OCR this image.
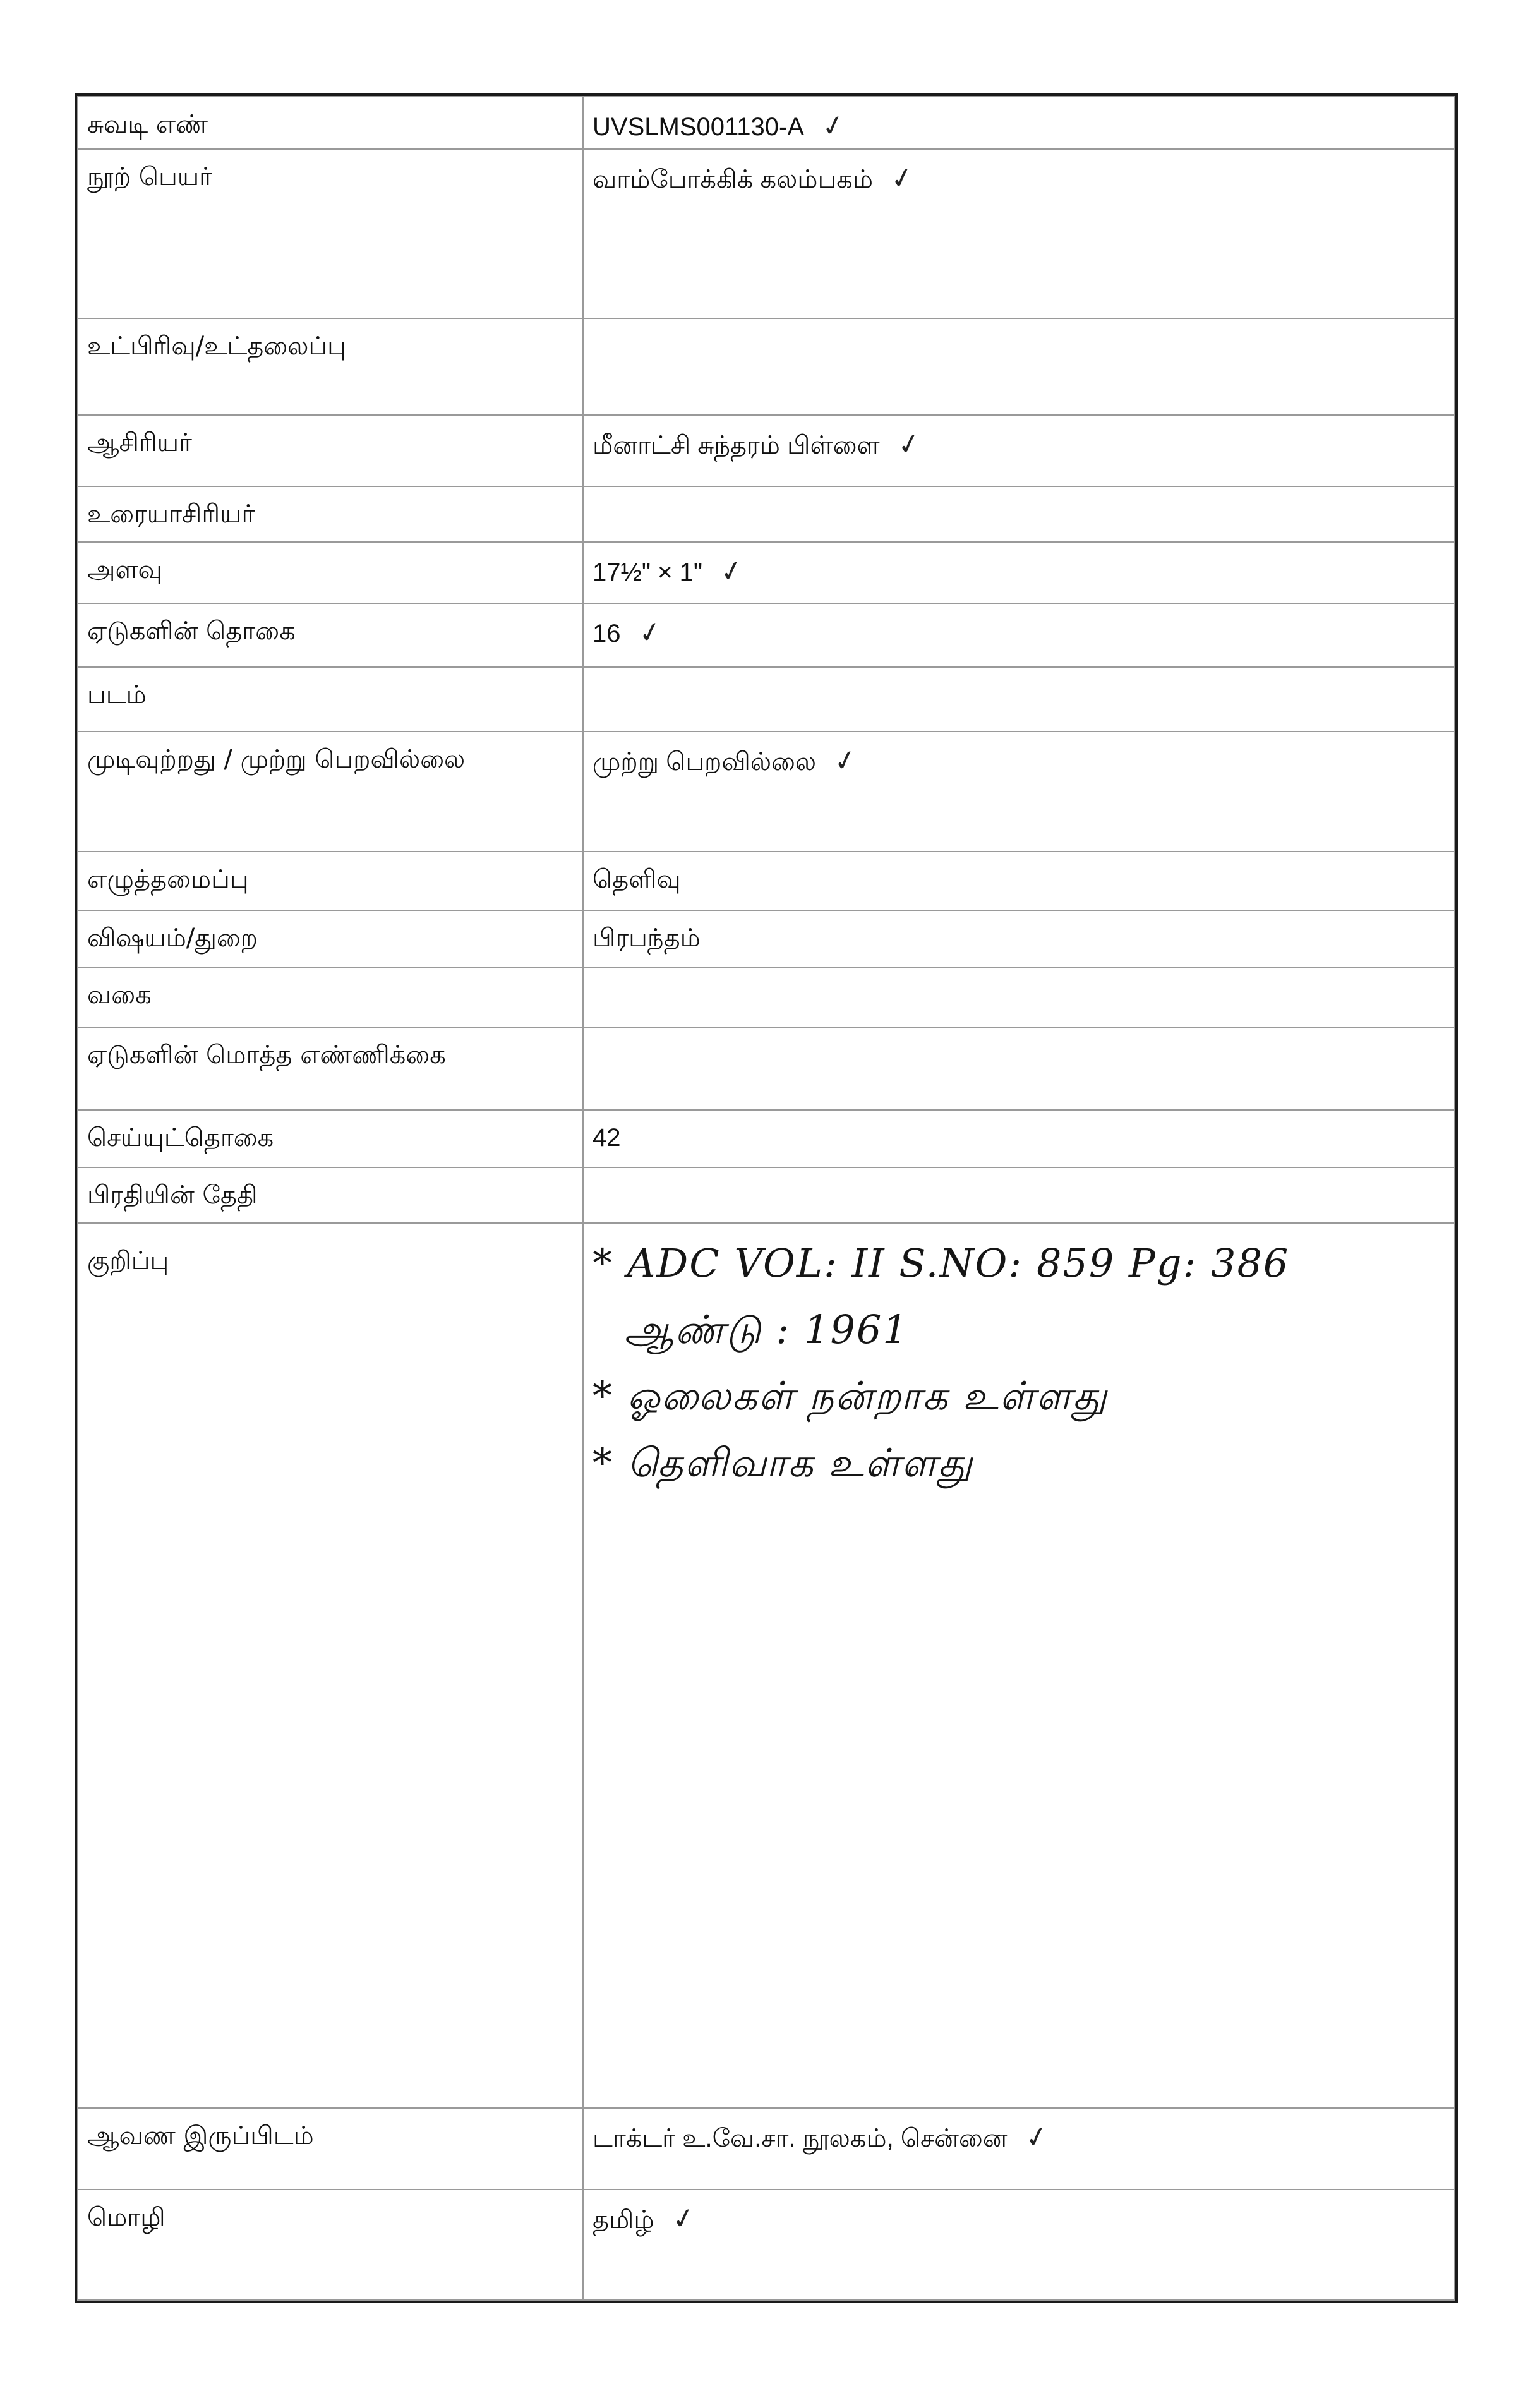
சுவடி எண்	UVSLMS001130-A ✓
நூற் பெயர்	வாம்போக்கிக் கலம்பகம் ✓
உட்பிரிவு/உட்தலைப்பு	
ஆசிரியர்	மீனாட்சி சுந்தரம் பிள்ளை ✓
உரையாசிரியர்	
அளவு	17½" × 1" ✓
ஏடுகளின் தொகை	16 ✓
படம்	
முடிவுற்றது / முற்று பெறவில்லை	முற்று பெறவில்லை ✓
எழுத்தமைப்பு	தெளிவு
விஷயம்/துறை	பிரபந்தம்
வகை	
ஏடுகளின் மொத்த எண்ணிக்கை	
செய்யுட்தொகை	42
பிரதியின் தேதி	
குறிப்பு	* ADC VOL: II S.NO: 859 Pg: 386
ஆண்டு : 1961
* ஓலைகள் நன்றாக உள்ளது
* தெளிவாக உள்ளது

ஆவண இருப்பிடம்	டாக்டர் உ.வே.சா. நூலகம், சென்னை ✓
மொழி	தமிழ் ✓
